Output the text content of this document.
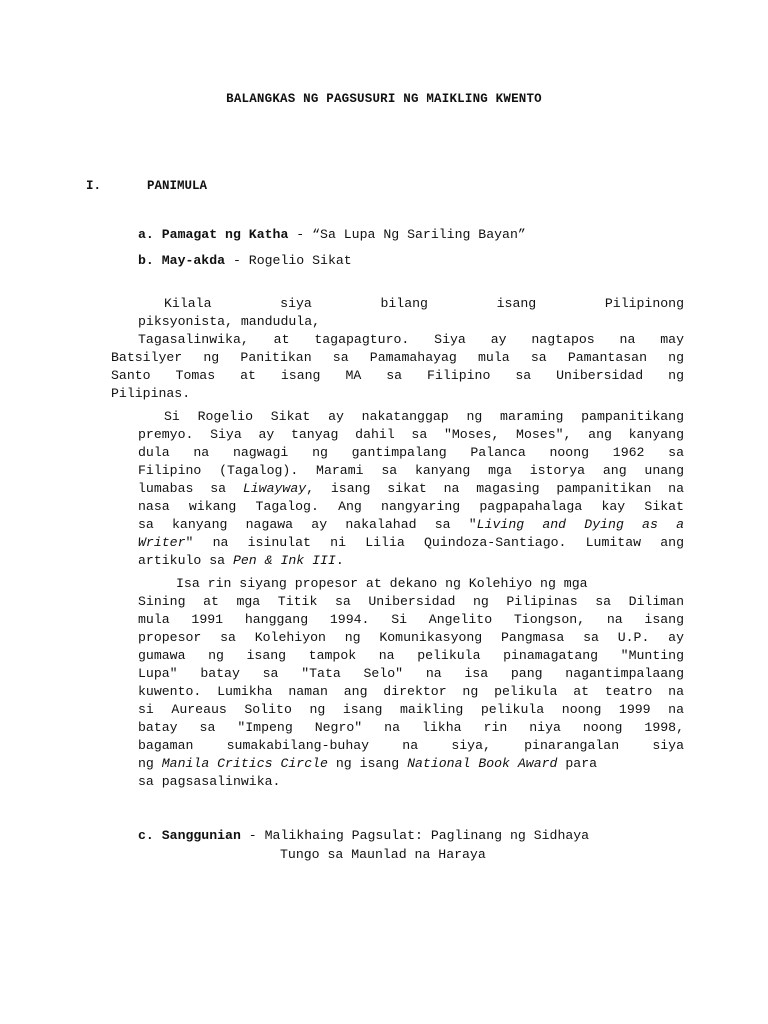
BALANGKAS NG PAGSUSURI NG MAIKLING KWENTO
I.	PANIMULA
a. Pamagat ng Katha - “Sa Lupa Ng Sariling Bayan”
b. May-akda - Rogelio Sikat
Kilala siya bilang isang Pilipinong
piksyonista, mandudula,
Tagasalinwika, at tagapagturo. Siya ay nagtapos na may
Batsilyer ng Panitikan sa Pamamahayag mula sa Pamantasan ng
Santo Tomas at isang MA sa Filipino sa Unibersidad ng
Pilipinas.
Si Rogelio Sikat ay nakatanggap ng maraming pampanitikang
premyo. Siya ay tanyag dahil sa "Moses, Moses", ang kanyang
dula na nagwagi ng gantimpalang Palanca noong 1962 sa
Filipino (Tagalog). Marami sa kanyang mga istorya ang unang
lumabas sa Liwayway, isang sikat na magasing pampanitikan na
nasa wikang Tagalog. Ang nangyaring pagpapahalaga kay Sikat
sa kanyang nagawa ay nakalahad sa "Living and Dying as a
Writer" na isinulat ni Lilia Quindoza-Santiago. Lumitaw ang
artikulo sa Pen & Ink III.
Isa rin siyang propesor at dekano ng Kolehiyo ng mga
Sining at mga Titik sa Unibersidad ng Pilipinas sa Diliman
mula 1991 hanggang 1994. Si Angelito Tiongson, na isang
propesor sa Kolehiyon ng Komunikasyong Pangmasa sa U.P. ay
gumawa ng isang tampok na pelikula pinamagatang "Munting
Lupa" batay sa "Tata Selo" na isa pang nagantimpalaang
kuwento. Lumikha naman ang direktor ng pelikula at teatro na
si Aureaus Solito ng isang maikling pelikula noong 1999 na
batay sa "Impeng Negro" na likha rin niya noong 1998,
bagaman sumakabilang-buhay na siya, pinarangalan siya
ng Manila Critics Circle ng isang National Book Award para
sa pagsasalinwika.
c. Sanggunian - Malikhaing Pagsulat: Paglinang ng Sidhaya
Tungo sa Maunlad na Haraya
